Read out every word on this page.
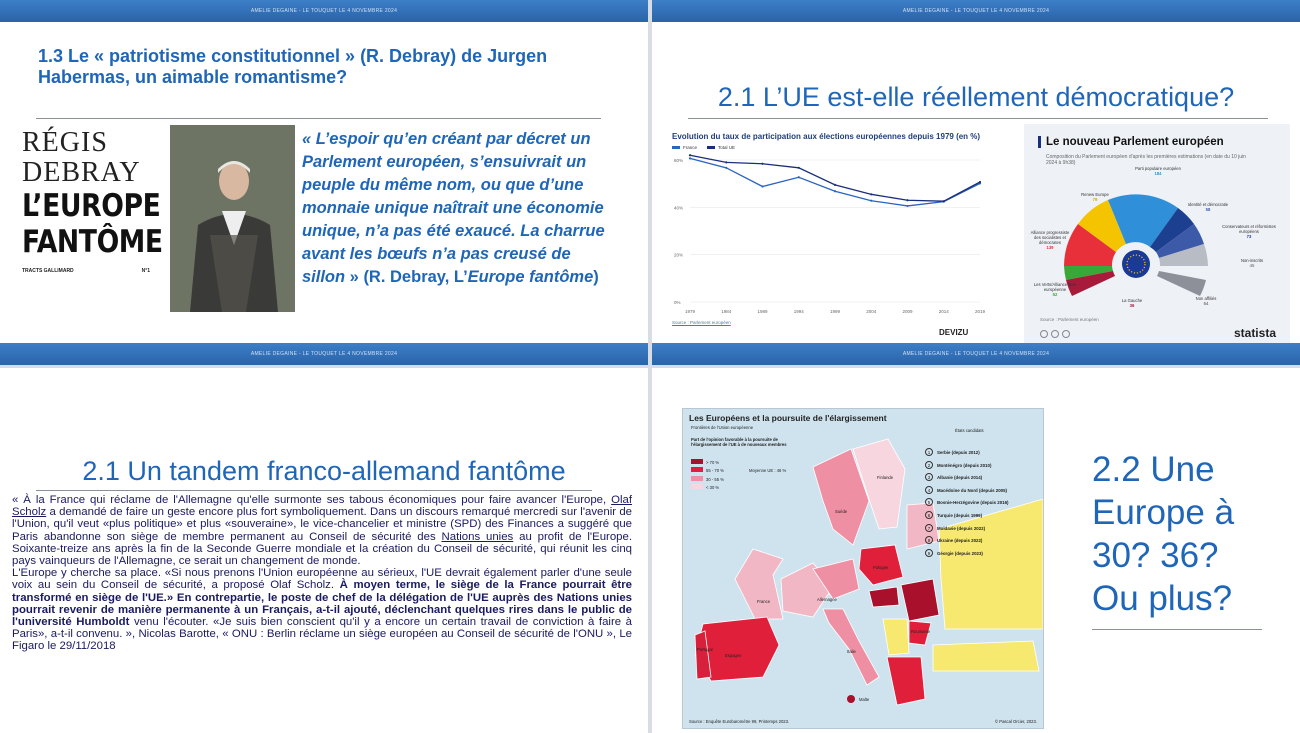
AMELIE DEGAINE - LE TOUQUET LE 4 NOVEMBRE 2024
1.3 Le « patriotisme constitutionnel » (R. Debray) de Jurgen Habermas, un aimable romantisme?
RÉGIS
DEBRAY
L’EUROPE
FANTÔME
TRACTS GALLIMARD	N°1
« L’espoir qu’en créant par décret un Parlement européen, s’ensuivrait un peuple du même nom, ou que d’une monnaie unique naîtrait une économie unique, n’a pas été exaucé. La charrue avant les bœufs n’a pas creusé de sillon » (R. Debray, L’Europe fantôme)
AMELIE DEGAINE - LE TOUQUET LE 4 NOVEMBRE 2024
AMELIE DEGAINE - LE TOUQUET LE 4 NOVEMBRE 2024
2.1 L’UE est-elle réellement démocratique?
Evolution du taux de participation aux élections européennes depuis 1979 (en %)
France	Total UE
0%
20%
40%
60%
1979	1984	1989	1994	1999	2004	2009	2014	2019
Source : Parlement européen
DEVIZU
Le nouveau Parlement européen
Composition du Parlement européen d'après les premières estimations (en date du 10 juin 2024 à 9h38)
Parti populaire européen
184
Identité et démocratie
58
Conservateurs et réformistes européens
73
Non-inscrits
45
Non affiliés
54
La Gauche
36
Les Verts/Alliance libre européenne
52
Alliance progressiste des socialistes et démocrates
139
Renew Europe
79
Source : Parlement européen
statista
AMELIE DEGAINE - LE TOUQUET LE 4 NOVEMBRE 2024
2.1 Un tandem franco-allemand fantôme

« À la France qui réclame de l'Allemagne qu'elle surmonte ses tabous économiques pour faire avancer l'Europe, Olaf Scholz a demandé de faire un geste encore plus fort symboliquement. Dans un discours remarqué mercredi sur l'avenir de l'Union, qu'il veut «plus politique» et plus «souveraine», le vice-chancelier et ministre (SPD) des Finances a suggéré que Paris abandonne son siège de membre permanent au Conseil de sécurité des Nations unies au profit de l'Europe. Soixante-treize ans après la fin de la Seconde Guerre mondiale et la création du Conseil de sécurité, qui réunit les cinq pays vainqueurs de l'Allemagne, ce serait un changement de monde.

L'Europe y cherche sa place. «Si nous prenons l'Union européenne au sérieux, l'UE devrait également parler d'une seule voix au sein du Conseil de sécurité, a proposé Olaf Scholz. À moyen terme, le siège de la France pourrait être transformé en siège de l'UE.» En contrepartie, le poste de chef de la délégation de l'UE auprès des Nations unies pourrait revenir de manière permanente à un Français, a-t-il ajouté, déclenchant quelques rires dans le public de l'université Humboldt venu l'écouter. «Je suis bien conscient qu'il y a encore un certain travail de conviction à faire à Paris», a-t-il convenu. », Nicolas Barotte, « ONU : Berlin réclame un siège européen au Conseil de sécurité de l'ONU », Le Figaro le 29/11/2018

Les Européens et la poursuite de l'élargissement
Frontières de l'Union européenne
Part de l'opinion favorable à la poursuite de l'élargissement de l'UE à de nouveaux membres
> 70 %
55 - 70 %
30 - 55 %
< 30 %
Moyenne UE : 46 %
États candidats
1 Serbie (depuis 2012)
2 Monténégro (depuis 2010)
3 Albanie (depuis 2014)
4 Macédoine du Nord (depuis 2005)
5 Bosnie-Herzégovine (depuis 2016)
6 Turquie (depuis 1999)
7 Moldavie (depuis 2022)
8 Ukraine (depuis 2022)
9 Géorgie (depuis 2023)
Finlande
Suède
Allemagne
France
Espagne
Portugal	Italie
Pologne
Roumanie
Malte
Source : Enquête Eurobaromètre 99, Printemps 2023.	© Pascal Orcier, 2023.
2.2 Une
Europe à
30? 36?
Ou plus?
